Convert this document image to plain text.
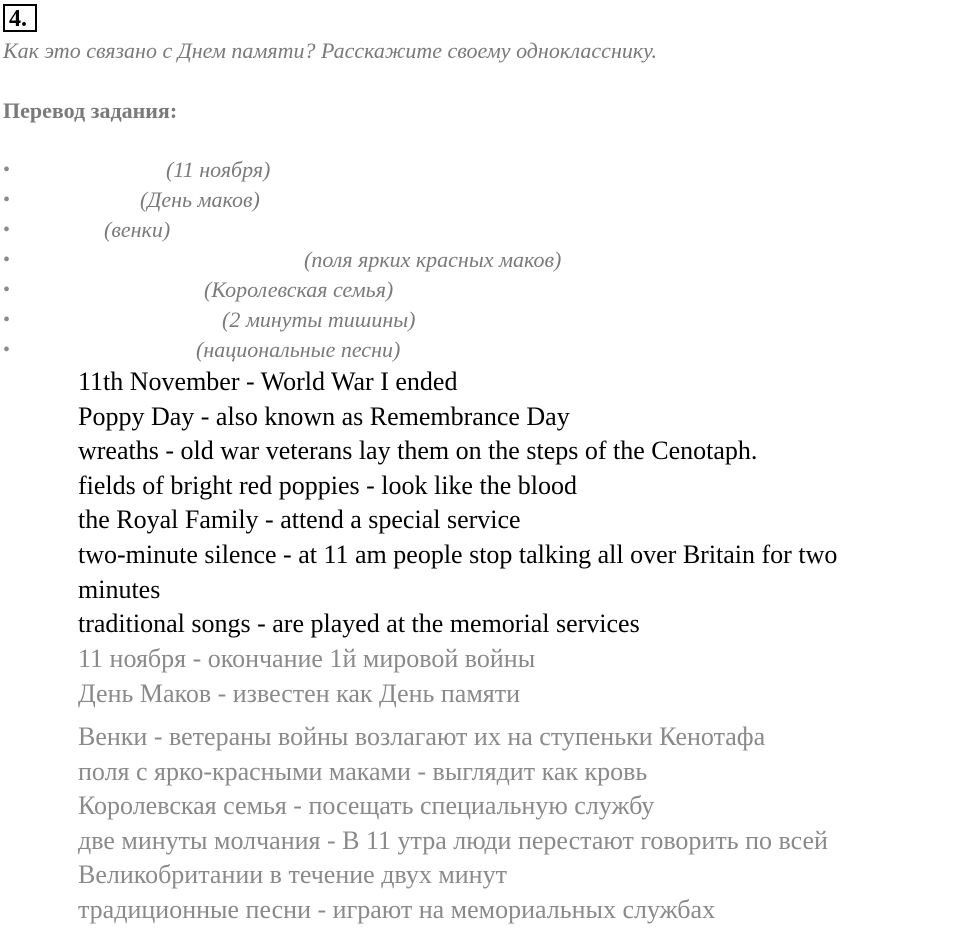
4.
Как это связано с Днем памяти? Расскажите своему однокласснику.
Перевод задания:
•	(11 ноября)
•	(День маков)
•	(венки)
•	(поля ярких красных маков)
•	(Королевская семья)
•	(2 минуты тишины)
•	(национальные песни)
11th November - World War I ended
Poppy Day - also known as Remembrance Day
wreaths - old war veterans lay them on the steps of the Cenotaph.
fields of bright red poppies - look like the blood
the Royal Family - attend a special service
two-minute silence - at 11 am people stop talking all over Britain for two
minutes
traditional songs - are played at the memorial services
11 ноября - окончание 1й мировой войны
День Маков - известен как День памяти
Венки - ветераны войны возлагают их на ступеньки Кенотафа
поля с ярко-красными маками - выглядит как кровь
Королевская семья - посещать специальную службу
две минуты молчания - В 11 утра люди перестают говорить по всей
Великобритании в течение двух минут
традиционные песни - играют на мемориальных службах
